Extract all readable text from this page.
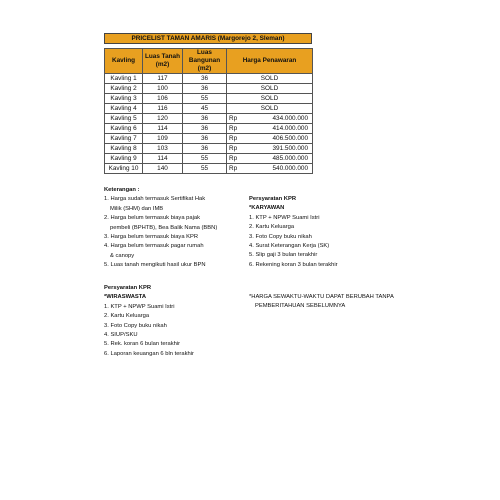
PRICELIST TAMAN AMARIS (Margorejo 2, Sleman)
Kavling	Luas Tanah (m2)	Luas Bangunan (m2)	Harga Penawaran	
Kavling 1	117	36	SOLD	
Kavling 2	100	36	SOLD	
Kavling 3	106	55	SOLD	
Kavling 4	116	45	SOLD	
Kavling 5	120	36	Rp	434.000.000
Kavling 6	114	36	Rp	414.000.000
Kavling 7	109	36	Rp	406.500.000
Kavling 8	103	36	Rp	391.500.000
Kavling 9	114	55	Rp	485.000.000
Kavling 10	140	55	Rp	540.000.000
Keterangan :
1. Harga sudah termasuk Sertifikat Hak
Milik (SHM) dan IMB
2. Harga belum termasuk biaya pajak
pembeli (BPHTB), Bea Balik Nama (BBN)
3. Harga belum termasuk biaya KPR
4. Harga belum termasuk pagar rumah
& canopy
5. Luas tanah mengikuti hasil ukur BPN
Persyaratan KPR
*KARYAWAN
1. KTP + NPWP Suami Istri
2. Kartu Keluarga
3. Foto Copy buku nikah
4. Surat Keterangan Kerja (SK)
5. Slip gaji 3 bulan terakhir
6. Rekening koran 3 bulan terakhir
Persyaratan KPR
*WIRASWASTA
1. KTP + NPWP Suami Istri
2. Kartu Keluarga
3. Foto Copy buku nikah
4. SIUP/SKU
5. Rek. koran 6 bulan terakhir
6. Laporan keuangan 6 bln terakhir
*HARGA SEWAKTU-WAKTU DAPAT BERUBAH TANPA
PEMBERITAHUAN SEBELUMNYA
